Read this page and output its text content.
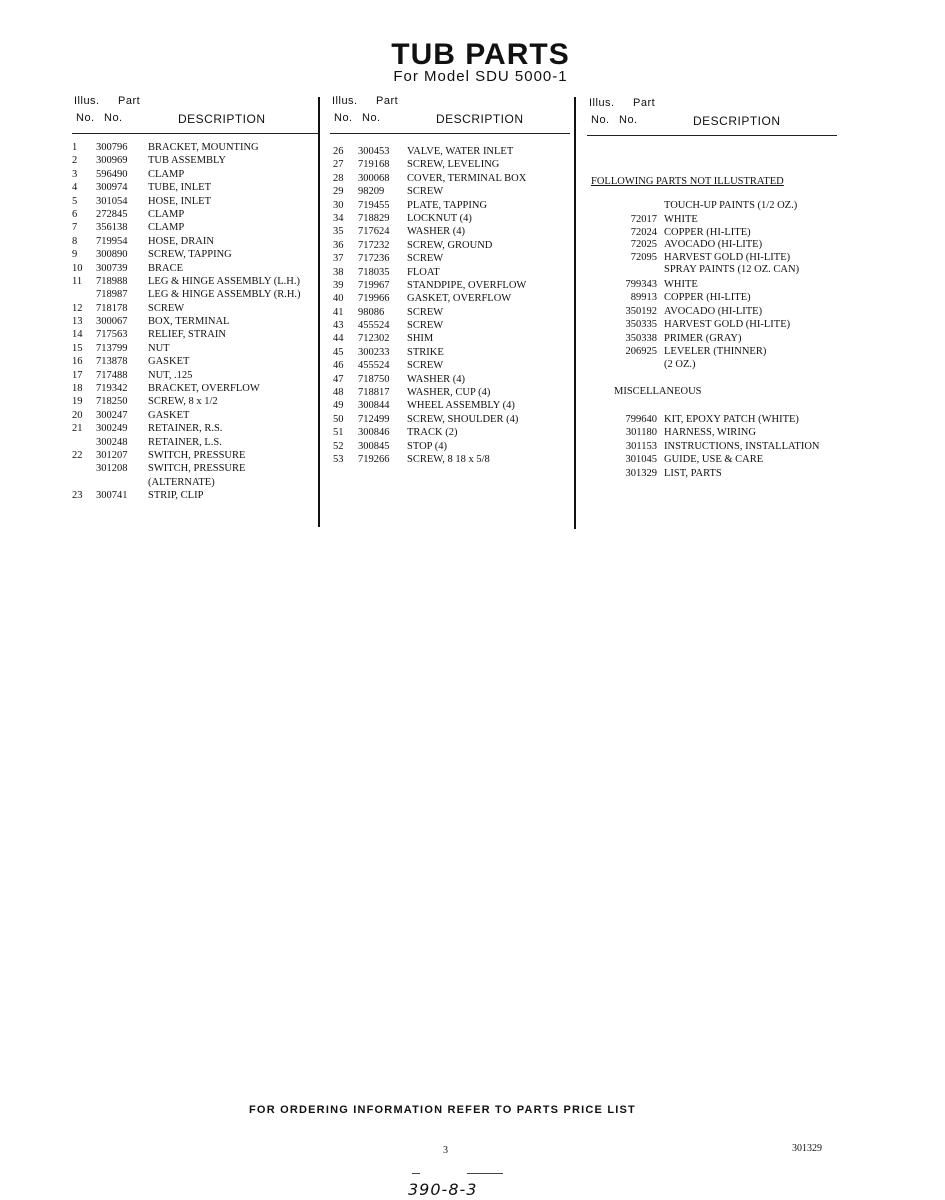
TUB PARTS
For Model SDU 5000-1
Illus. Part
No. No.	DESCRIPTION
1	300796 BRACKET, MOUNTING
2	300969 TUB ASSEMBLY
3	596490 CLAMP
4	300974 TUBE, INLET
5	301054 HOSE, INLET
6	272845 CLAMP
7	356138 CLAMP
8	719954 HOSE, DRAIN
9	300890 SCREW, TAPPING
10	300739 BRACE
11	718988 LEG & HINGE ASSEMBLY (L.H.)
718987 LEG & HINGE ASSEMBLY (R.H.)
12	718178 SCREW
13	300067 BOX, TERMINAL
14	717563 RELIEF, STRAIN
15	713799 NUT
16	713878 GASKET
17	717488 NUT, .125
18	719342 BRACKET, OVERFLOW
19	718250 SCREW, 8 x 1/2
20	300247 GASKET
21	300249 RETAINER, R.S.
300248 RETAINER, L.S.
22	301207 SWITCH, PRESSURE
301208 SWITCH, PRESSURE
(ALTERNATE)
23	300741 STRIP, CLIP
Illus. Part
No. No.	DESCRIPTION
26	300453 VALVE, WATER INLET
27	719168 SCREW, LEVELING
28	300068 COVER, TERMINAL BOX
29	98209 SCREW
30	719455 PLATE, TAPPING
34	718829 LOCKNUT (4)
35	717624 WASHER (4)
36	717232 SCREW, GROUND
37	717236 SCREW
38	718035 FLOAT
39	719967 STANDPIPE, OVERFLOW
40	719966 GASKET, OVERFLOW
41	98086 SCREW
43	455524 SCREW
44	712302 SHIM
45	300233 STRIKE
46	455524 SCREW
47	718750 WASHER (4)
48	718817 WASHER, CUP (4)
49	300844 WHEEL ASSEMBLY (4)
50	712499 SCREW, SHOULDER (4)
51	300846 TRACK (2)
52	300845 STOP (4)
53	719266 SCREW, 8 18 x 5/8
Illus. Part
No. No.	DESCRIPTION
FOLLOWING PARTS NOT ILLUSTRATED
TOUCH-UP PAINTS (1/2 OZ.)
72017 WHITE
72024 COPPER (HI-LITE)
72025 AVOCADO (HI-LITE)
72095 HARVEST GOLD (HI-LITE)
SPRAY PAINTS (12 OZ. CAN)
799343 WHITE
89913 COPPER (HI-LITE)
350192 AVOCADO (HI-LITE)
350335 HARVEST GOLD (HI-LITE)
350338 PRIMER (GRAY)
206925 LEVELER (THINNER)
(2 OZ.)
MISCELLANEOUS
799640 KIT, EPOXY PATCH (WHITE)
301180 HARNESS, WIRING
301153 INSTRUCTIONS, INSTALLATION
301045 GUIDE, USE & CARE
301329 LIST, PARTS
FOR ORDERING INFORMATION REFER TO PARTS PRICE LIST
3	301329
390-8-3
